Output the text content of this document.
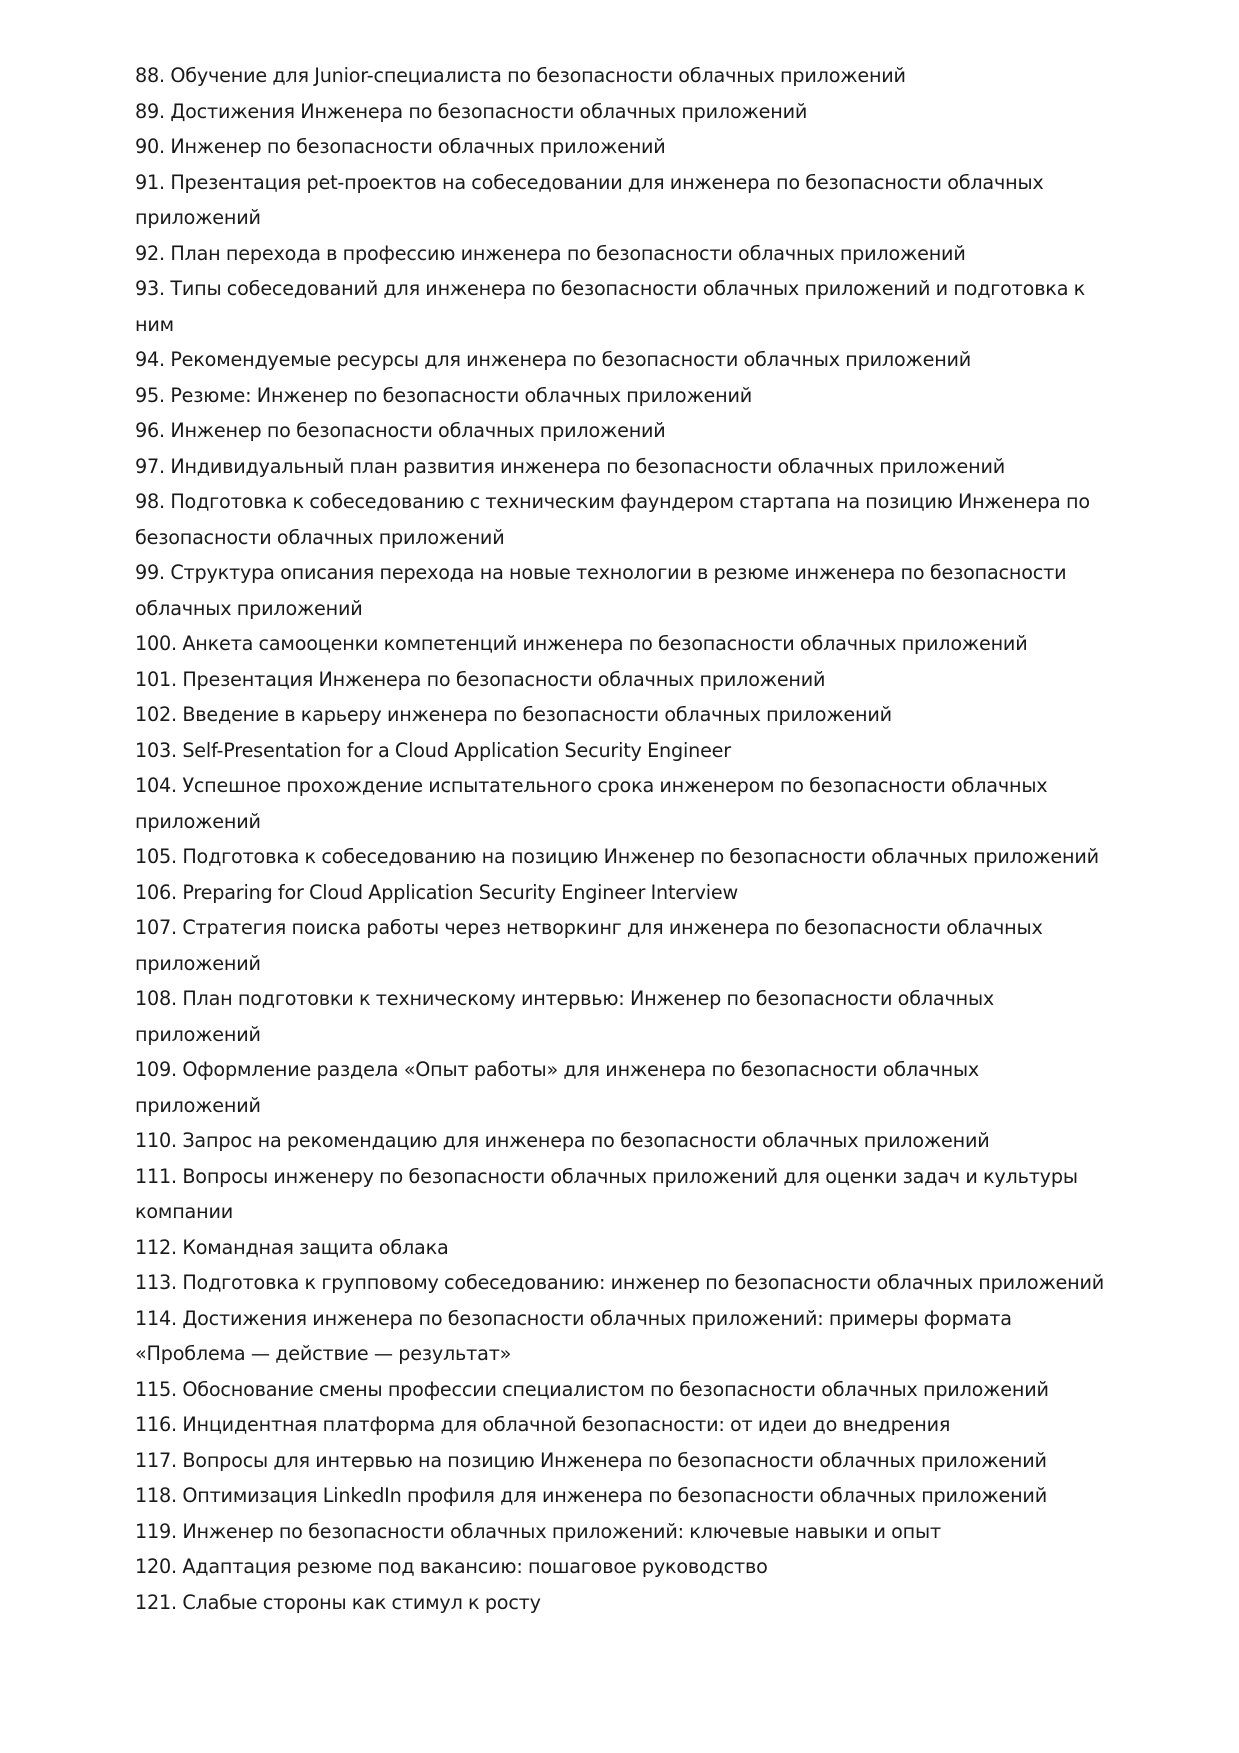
88. Обучение для Junior-специалиста по безопасности облачных приложений
89. Достижения Инженера по безопасности облачных приложений
90. Инженер по безопасности облачных приложений
91. Презентация pet-проектов на собеседовании для инженера по безопасности облачных приложений
92. План перехода в профессию инженера по безопасности облачных приложений
93. Типы собеседований для инженера по безопасности облачных приложений и подготовка к ним
94. Рекомендуемые ресурсы для инженера по безопасности облачных приложений
95. Резюме: Инженер по безопасности облачных приложений
96. Инженер по безопасности облачных приложений
97. Индивидуальный план развития инженера по безопасности облачных приложений
98. Подготовка к собеседованию с техническим фаундером стартапа на позицию Инженера по безопасности облачных приложений
99. Структура описания перехода на новые технологии в резюме инженера по безопасности облачных приложений
100. Анкета самооценки компетенций инженера по безопасности облачных приложений
101. Презентация Инженера по безопасности облачных приложений
102. Введение в карьеру инженера по безопасности облачных приложений
103. Self-Presentation for a Cloud Application Security Engineer
104. Успешное прохождение испытательного срока инженером по безопасности облачных приложений
105. Подготовка к собеседованию на позицию Инженер по безопасности облачных приложений
106. Preparing for Cloud Application Security Engineer Interview
107. Стратегия поиска работы через нетворкинг для инженера по безопасности облачных приложений
108. План подготовки к техническому интервью: Инженер по безопасности облачных приложений
109. Оформление раздела «Опыт работы» для инженера по безопасности облачных приложений
110. Запрос на рекомендацию для инженера по безопасности облачных приложений
111. Вопросы инженеру по безопасности облачных приложений для оценки задач и культуры компании
112. Командная защита облака
113. Подготовка к групповому собеседованию: инженер по безопасности облачных приложений
114. Достижения инженера по безопасности облачных приложений: примеры формата «Проблема — действие — результат»
115. Обоснование смены профессии специалистом по безопасности облачных приложений
116. Инцидентная платформа для облачной безопасности: от идеи до внедрения
117. Вопросы для интервью на позицию Инженера по безопасности облачных приложений
118. Оптимизация LinkedIn профиля для инженера по безопасности облачных приложений
119. Инженер по безопасности облачных приложений: ключевые навыки и опыт
120. Адаптация резюме под вакансию: пошаговое руководство
121. Слабые стороны как стимул к росту
